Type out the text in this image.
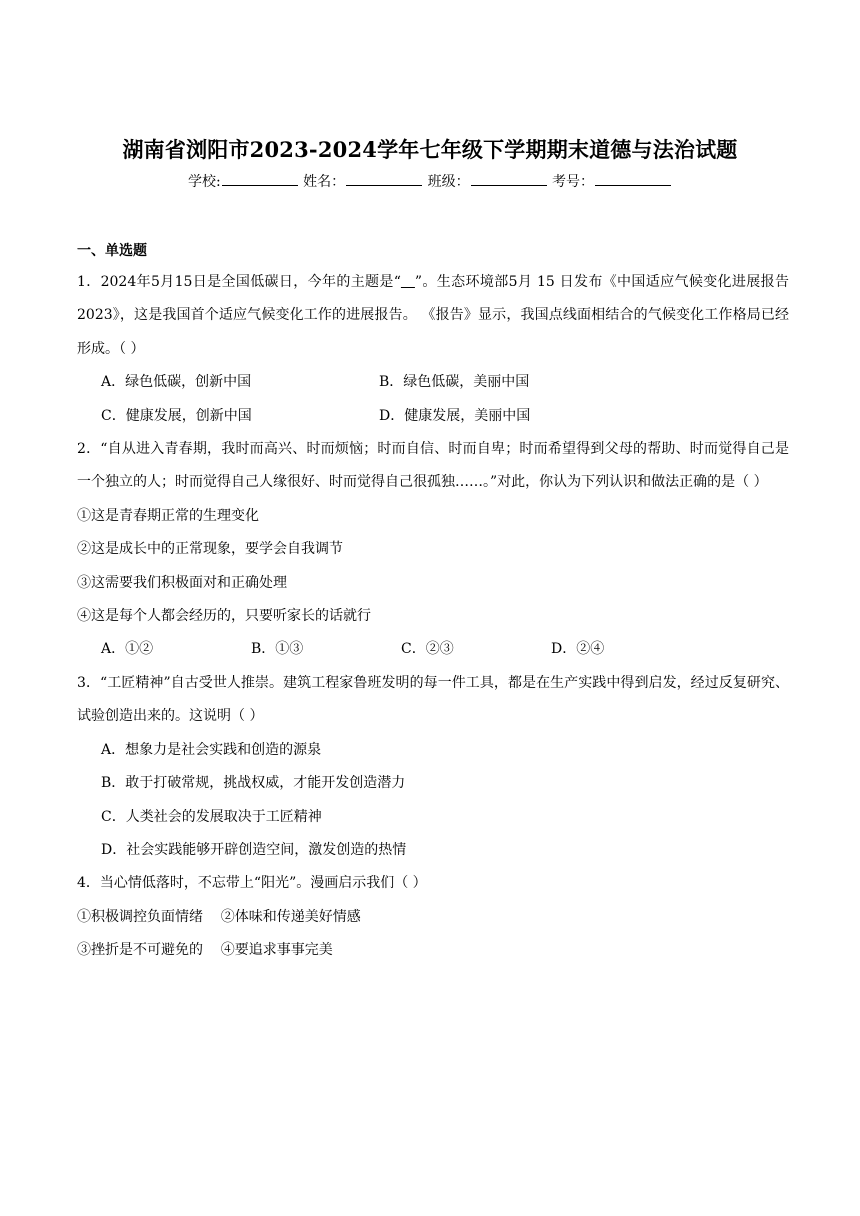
湖南省浏阳市2023-2024学年七年级下学期期末道德与法治试题
学校:	姓名：	班级：	考号：
一、单选题

1．2024年5月15日是全国低碳日，今年的主题是“  ”。生态环境部5月 15 日发布《中国适应气候变化进展报告2023》，这是我国首个适应气候变化工作的进展报告。 《报告》显示，我国点线面相结合的气候变化工作格局已经形成。（ ）

A．绿色低碳，创新中国	B．绿色低碳，美丽中国
C．健康发展，创新中国	D．健康发展，美丽中国

2．“自从进入青春期，我时而高兴、时而烦恼；时而自信、时而自卑；时而希望得到父母的帮助、时而觉得自己是一个独立的人；时而觉得自己人缘很好、时而觉得自己很孤独……。”对此，你认为下列认识和做法正确的是（ ）

①这是青春期正常的生理变化

②这是成长中的正常现象，要学会自我调节

③这需要我们积极面对和正确处理

④这是每个人都会经历的，只要听家长的话就行

A．①②	B．①③	C．②③	D．②④

3．“工匠精神”自古受世人推崇。建筑工程家鲁班发明的每一件工具，都是在生产实践中得到启发，经过反复研究、试验创造出来的。这说明（ ）

A．想象力是社会实践和创造的源泉

B．敢于打破常规，挑战权威，才能开发创造潜力

C．人类社会的发展取决于工匠精神

D．社会实践能够开辟创造空间，激发创造的热情

4．当心情低落时，不忘带上“阳光”。漫画启示我们（ ）

①积极调控负面情绪    ②体味和传递美好情感

③挫折是不可避免的    ④要追求事事完美
